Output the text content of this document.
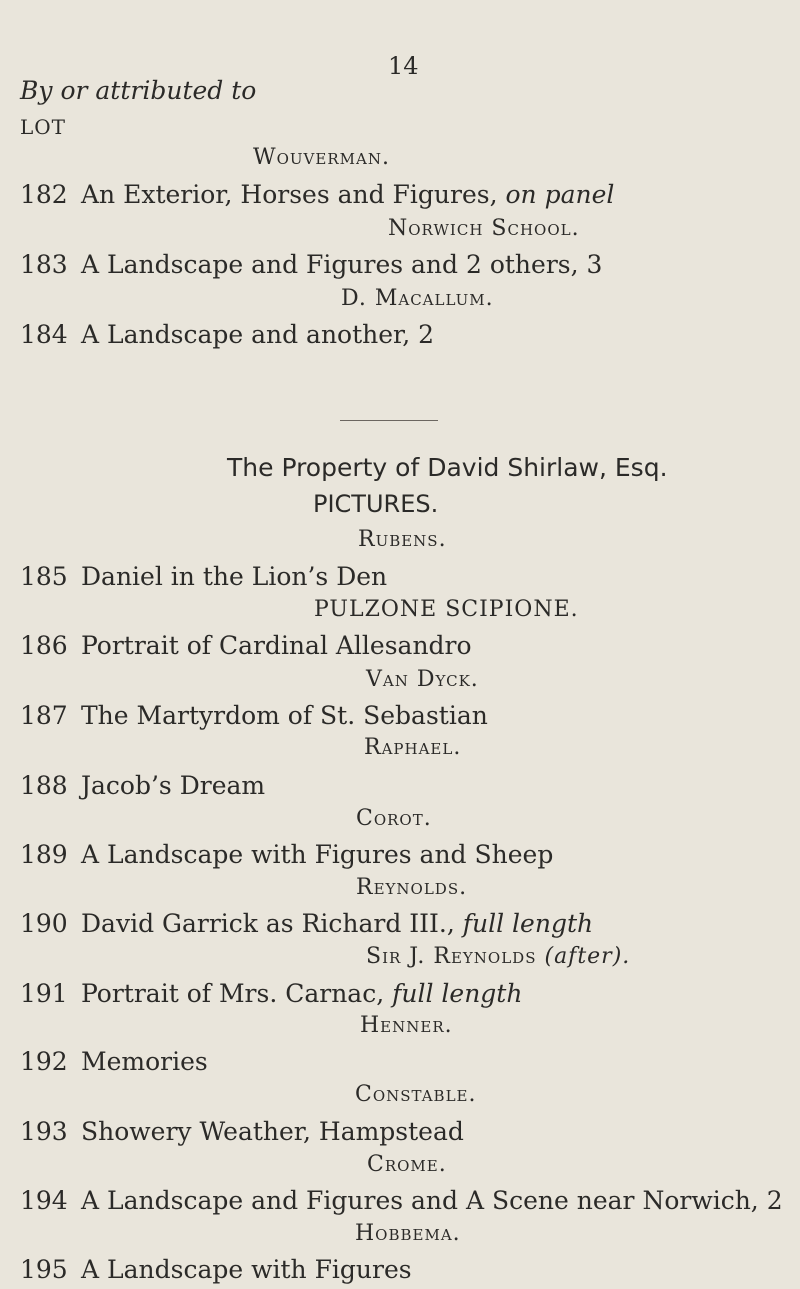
14
By or attributed to
LOT
Wouverman.
182 An Exterior, Horses and Figures, on panel
Norwich School.
183 A Landscape and Figures and 2 others, 3
D. Macallum.
184 A Landscape and another, 2
The Property of David Shirlaw, Esq.
PICTURES.
Rubens.
185 Daniel in the Lion’s Den
PULZONE SCIPIONE.
186 Portrait of Cardinal Allesandro
Van Dyck.
187 The Martyrdom of St. Sebastian
Raphael.
188 Jacob’s Dream
Corot.
189 A Landscape with Figures and Sheep
Reynolds.
190 David Garrick as Richard III., full length
Sir J. Reynolds (after).
191 Portrait of Mrs. Carnac, full length
Henner.
192 Memories
Constable.
193 Showery Weather, Hampstead
Crome.
194 A Landscape and Figures and A Scene near Norwich, 2
Hobbema.
195 A Landscape with Figures
